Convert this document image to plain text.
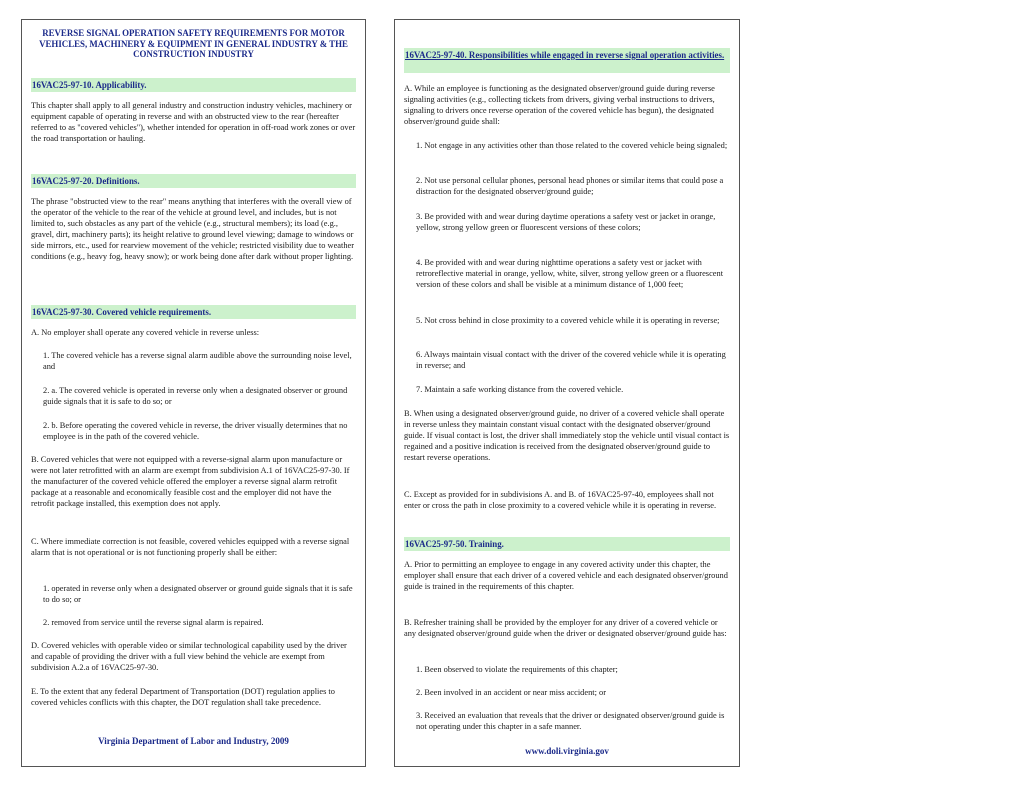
REVERSE SIGNAL OPERATION SAFETY REQUIREMENTS FOR MOTOR VEHICLES, MACHINERY & EQUIPMENT IN GENERAL INDUSTRY & THE CONSTRUCTION INDUSTRY
16VAC25-97-10. Applicability.

This chapter shall apply to all general industry and construction industry vehicles, machinery or equipment capable of operating in reverse and with an obstructed view to the rear (hereafter referred to as "covered vehicles"), whether intended for operation in off-road work zones or over the road transportation or hauling.

16VAC25-97-20. Definitions.

The phrase "obstructed view to the rear" means anything that interferes with the overall view of the operator of the vehicle to the rear of the vehicle at ground level, and includes, but is not limited to, such obstacles as any part of the vehicle (e.g., structural members); its load (e.g., gravel, dirt, machinery parts); its height relative to ground level viewing; damage to windows or side mirrors, etc., used for rearview movement of the vehicle; restricted visibility due to weather conditions (e.g., heavy fog, heavy snow); or work being done after dark without proper lighting.

16VAC25-97-30. Covered vehicle requirements.

A. No employer shall operate any covered vehicle in reverse unless:

1. The covered vehicle has a reverse signal alarm audible above the surrounding noise level, and

2. a. The covered vehicle is operated in reverse only when a designated observer or ground guide signals that it is safe to do so; or

2. b. Before operating the covered vehicle in reverse, the driver visually determines that no employee is in the path of the covered vehicle.

B. Covered vehicles that were not equipped with a reverse-signal alarm upon manufacture or were not later retrofitted with an alarm are exempt from subdivision A.1 of 16VAC25-97-30. If the manufacturer of the covered vehicle offered the employer a reverse signal alarm retrofit package at a reasonable and economically feasible cost and the employer did not have the retrofit package installed, this exemption does not apply.

C. Where immediate correction is not feasible, covered vehicles equipped with a reverse signal alarm that is not operational or is not functioning properly shall be either:

1. operated in reverse only when a designated observer or ground guide signals that it is safe to do so; or

2. removed from service until the reverse signal alarm is repaired.

D. Covered vehicles with operable video or similar technological capability used by the driver and capable of providing the driver with a full view behind the vehicle are exempt from subdivision A.2.a of 16VAC25-97-30.

E. To the extent that any federal Department of Transportation (DOT) regulation applies to covered vehicles conflicts with this chapter, the DOT regulation shall take precedence.

Virginia Department of Labor and Industry, 2009
16VAC25-97-40. Responsibilities while engaged in reverse signal operation activities.

A. While an employee is functioning as the designated observer/ground guide during reverse signaling activities (e.g., collecting tickets from drivers, giving verbal instructions to drivers, signaling to drivers once reverse operation of the covered vehicle has begun), the designated observer/ground guide shall:

1. Not engage in any activities other than those related to the covered vehicle being signaled;

2. Not use personal cellular phones, personal head phones or similar items that could pose a distraction for the designated observer/ground guide;

3. Be provided with and wear during daytime operations a safety vest or jacket in orange, yellow, strong yellow green or fluorescent versions of these colors;

4. Be provided with and wear during nighttime operations a safety vest or jacket with retroreflective material in orange, yellow, white, silver, strong yellow green or a fluorescent version of these colors and shall be visible at a minimum distance of 1,000 feet;

5. Not cross behind in close proximity to a covered vehicle while it is operating in reverse;

6. Always maintain visual contact with the driver of the covered vehicle while it is operating in reverse; and

7. Maintain a safe working distance from the covered vehicle.

B. When using a designated observer/ground guide, no driver of a covered vehicle shall operate in reverse unless they maintain constant visual contact with the designated observer/ground guide. If visual contact is lost, the driver shall immediately stop the vehicle until visual contact is regained and a positive indication is received from the designated observer/ground guide to restart reverse operations.

C. Except as provided for in subdivisions A. and B. of 16VAC25-97-40, employees shall not enter or cross the path in close proximity to a covered vehicle while it is operating in reverse.

16VAC25-97-50. Training.

A. Prior to permitting an employee to engage in any covered activity under this chapter, the employer shall ensure that each driver of a covered vehicle and each designated observer/ground guide is trained in the requirements of this chapter.

B. Refresher training shall be provided by the employer for any driver of a covered vehicle or any designated observer/ground guide when the driver or designated observer/ground guide has:

1. Been observed to violate the requirements of this chapter;

2. Been involved in an accident or near miss accident; or

3. Received an evaluation that reveals that the driver or designated observer/ground guide is not operating under this chapter in a safe manner.

www.doli.virginia.gov
